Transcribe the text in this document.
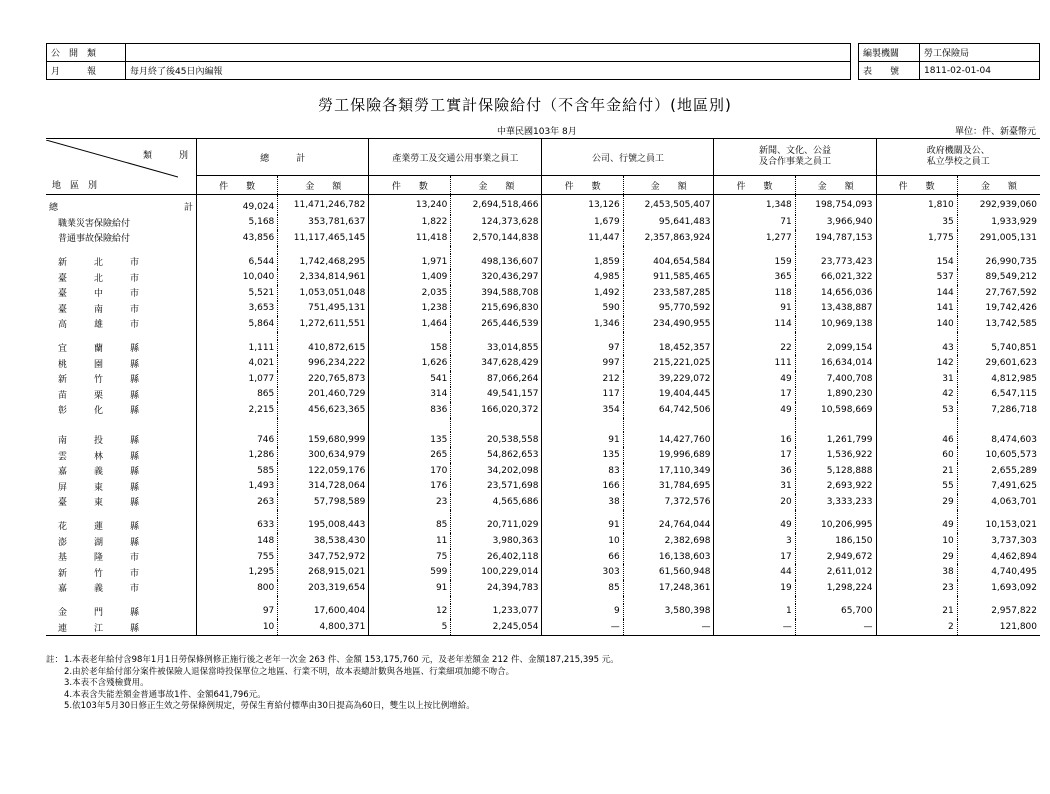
公　開　類	
月　　　報	每月終了後45日內編報
編製機關	勞工保險局
表　　號	1811-02-01-04
勞工保險各類勞工實計保險給付（不含年金給付）(地區別)
中華民國103年 8月	單位：件、新臺幣元
類　　　別
地　區　別	總　　　計		產業勞工及交通公用事業之員工		公司、行號之員工		新聞、文化、公益
及合作事業之員工		政府機關及公、
私立學校之員工	
	件　　數	金　　額	件　　數	金　　額	件　　數	金　　額	件　　數	金　　額	件　　數	金　　額
總　　　　　　　　　　　　　　計	49,024	11,471,246,782	13,240	2,694,518,466	13,126	2,453,505,407	1,348	198,754,093	1,810	292,939,060
　職業災害保險給付	5,168	353,781,637	1,822	124,373,628	1,679	95,641,483	71	3,966,940	35	1,933,929
　普通事故保險給付	43,856	11,117,465,145	11,418	2,570,144,838	11,447	2,357,863,924	1,277	194,787,153	1,775	291,005,131

　新　　　北　　　市	6,544	1,742,468,295	1,971	498,136,607	1,859	404,654,584	159	23,773,423	154	26,990,735
　臺　　　北　　　市	10,040	2,334,814,961	1,409	320,436,297	4,985	911,585,465	365	66,021,322	537	89,549,212
　臺　　　中　　　市	5,521	1,053,051,048	2,035	394,588,708	1,492	233,587,285	118	14,656,036	144	27,767,592
　臺　　　南　　　市	3,653	751,495,131	1,238	215,696,830	590	95,770,592	91	13,438,887	141	19,742,426
　高　　　雄　　　市	5,864	1,272,611,551	1,464	265,446,539	1,346	234,490,955	114	10,969,138	140	13,742,585

　宜　　　蘭　　　縣	1,111	410,872,615	158	33,014,855	97	18,452,357	22	2,099,154	43	5,740,851
　桃　　　園　　　縣	4,021	996,234,222	1,626	347,628,429	997	215,221,025	111	16,634,014	142	29,601,623
　新　　　竹　　　縣	1,077	220,765,873	541	87,066,264	212	39,229,072	49	7,400,708	31	4,812,985
　苗　　　栗　　　縣	865	201,460,729	314	49,541,157	117	19,404,445	17	1,890,230	42	6,547,115
　彰　　　化　　　縣	2,215	456,623,365	836	166,020,372	354	64,742,506	49	10,598,669	53	7,286,718

　南　　　投　　　縣	746	159,680,999	135	20,538,558	91	14,427,760	16	1,261,799	46	8,474,603
　雲　　　林　　　縣	1,286	300,634,979	265	54,862,653	135	19,996,689	17	1,536,922	60	10,605,573
　嘉　　　義　　　縣	585	122,059,176	170	34,202,098	83	17,110,349	36	5,128,888	21	2,655,289
　屏　　　東　　　縣	1,493	314,728,064	176	23,571,698	166	31,784,695	31	2,693,922	55	7,491,625
　臺　　　東　　　縣	263	57,798,589	23	4,565,686	38	7,372,576	20	3,333,233	29	4,063,701

　花　　　蓮　　　縣	633	195,008,443	85	20,711,029	91	24,764,044	49	10,206,995	49	10,153,021
　澎　　　湖　　　縣	148	38,538,430	11	3,980,363	10	2,382,698	3	186,150	10	3,737,303
　基　　　隆　　　市	755	347,752,972	75	26,402,118	66	16,138,603	17	2,949,672	29	4,462,894
　新　　　竹　　　市	1,295	268,915,021	599	100,229,014	303	61,560,948	44	2,611,012	38	4,740,495
　嘉　　　義　　　市	800	203,319,654	91	24,394,783	85	17,248,361	19	1,298,224	23	1,693,092

　金　　　門　　　縣	97	17,600,404	12	1,233,077	9	3,580,398	1	65,700	21	2,957,822
　連　　　江　　　縣	10	4,800,371	5	2,245,054	—	—	—	—	2	121,800
註： 1.本表老年給付含98年1月1日勞保條例修正施行後之老年一次金 263 件、金額 153,175,760 元，及老年差額金 212 件、金額187,215,395 元。
2.由於老年給付部分案件被保險人退保當時投保單位之地區、行業不明，故本表總計數與各地區、行業細項加總不吻合。
3.本表不含殘檢費用。
4.本表含失能差額金普通事故1件、金額641,796元。
5.依103年5月30日修正生效之勞保條例規定，勞保生育給付標準由30日提高為60日，雙生以上按比例增給。
